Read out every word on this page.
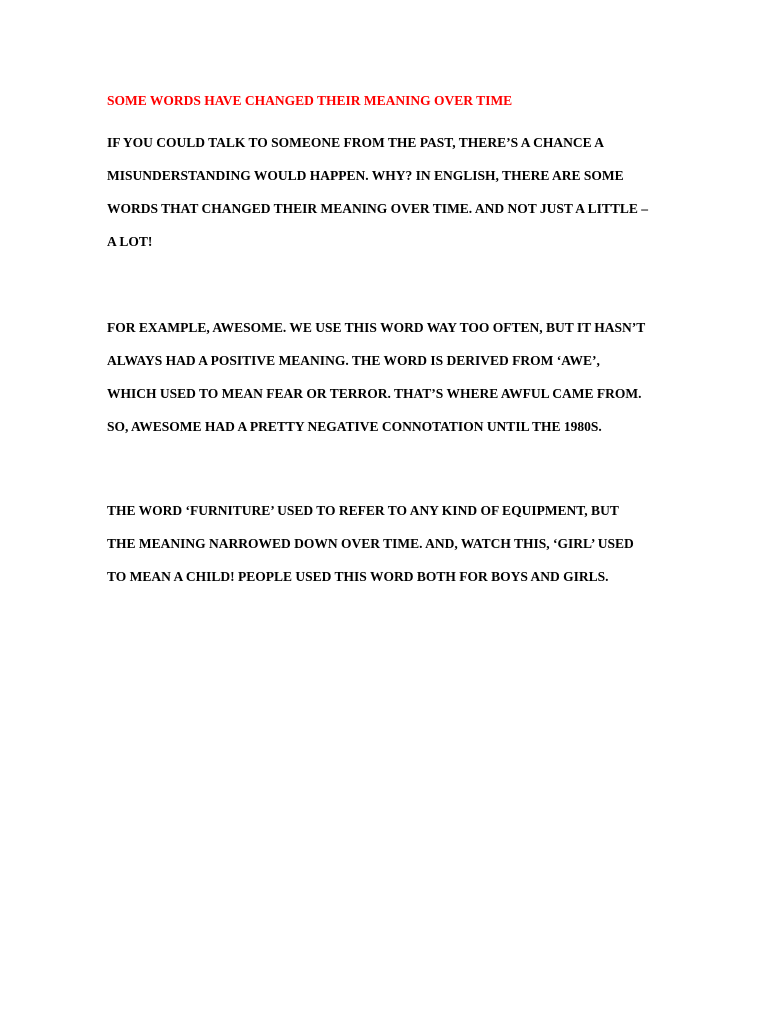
SOME WORDS HAVE CHANGED THEIR MEANING OVER TIME

IF YOU COULD TALK TO SOMEONE FROM THE PAST, THERE’S A CHANCE A
MISUNDERSTANDING WOULD HAPPEN. WHY? IN ENGLISH, THERE ARE SOME
WORDS THAT CHANGED THEIR MEANING OVER TIME. AND NOT JUST A LITTLE –
A LOT!

FOR EXAMPLE, AWESOME. WE USE THIS WORD WAY TOO OFTEN, BUT IT HASN’T
ALWAYS HAD A POSITIVE MEANING. THE WORD IS DERIVED FROM ‘AWE’,
WHICH USED TO MEAN FEAR OR TERROR. THAT’S WHERE AWFUL CAME FROM.
SO, AWESOME HAD A PRETTY NEGATIVE CONNOTATION UNTIL THE 1980S.

THE WORD ‘FURNITURE’ USED TO REFER TO ANY KIND OF EQUIPMENT, BUT
THE MEANING NARROWED DOWN OVER TIME. AND, WATCH THIS, ‘GIRL’ USED
TO MEAN A CHILD! PEOPLE USED THIS WORD BOTH FOR BOYS AND GIRLS.
